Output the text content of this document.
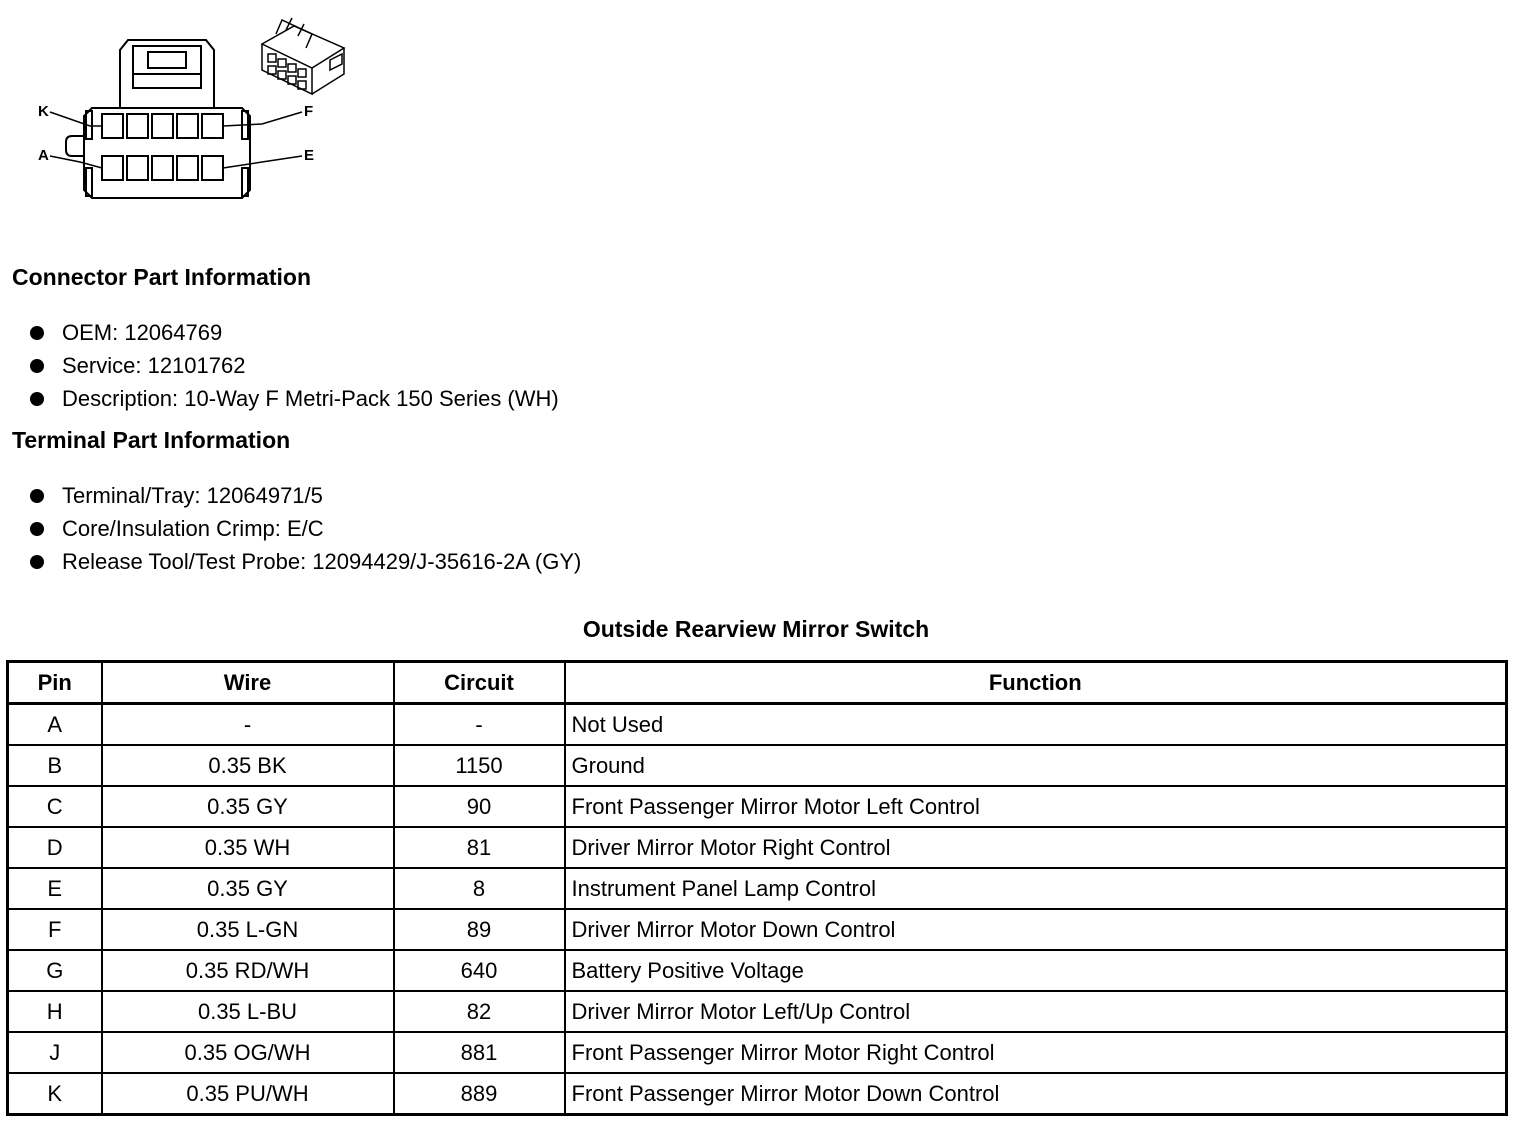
K
A
F
E
Connector Part Information
OEM: 12064769
Service: 12101762
Description: 10-Way F Metri-Pack 150 Series (WH)
Terminal Part Information
Terminal/Tray: 12064971/5
Core/Insulation Crimp: E/C
Release Tool/Test Probe: 12094429/J-35616-2A (GY)
Outside Rearview Mirror Switch
Pin	Wire	Circuit	Function
A	-	-	Not Used
B	0.35 BK	1150	Ground
C	0.35 GY	90	Front Passenger Mirror Motor Left Control
D	0.35 WH	81	Driver Mirror Motor Right Control
E	0.35 GY	8	Instrument Panel Lamp Control
F	0.35 L-GN	89	Driver Mirror Motor Down Control
G	0.35 RD/WH	640	Battery Positive Voltage
H	0.35 L-BU	82	Driver Mirror Motor Left/Up Control
J	0.35 OG/WH	881	Front Passenger Mirror Motor Right Control
K	0.35 PU/WH	889	Front Passenger Mirror Motor Down Control
